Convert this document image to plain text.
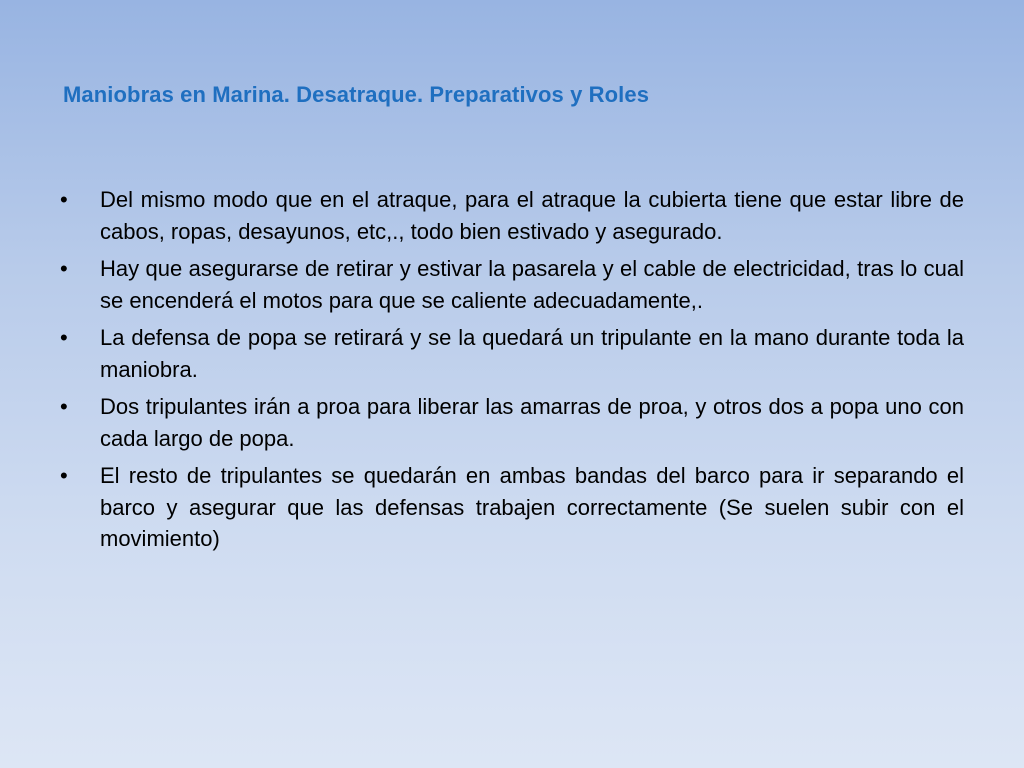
Maniobras en Marina. Desatraque. Preparativos y Roles
•	Del mismo modo que en el atraque, para el atraque la cubierta tiene que estar libre de cabos, ropas, desayunos, etc,., todo bien estivado y asegurado.
•	Hay que asegurarse de retirar y estivar la pasarela y el cable de electricidad, tras lo cual se encenderá el motos para que se caliente adecuadamente,.
•	La defensa de popa se retirará y se la quedará un tripulante en la mano durante toda la maniobra.
•	Dos tripulantes irán a proa para liberar las amarras de proa, y otros dos a popa uno con cada largo de popa.
•	El resto de tripulantes se quedarán en ambas bandas del barco para ir separando el barco y asegurar que las defensas trabajen correctamente (Se suelen subir con el movimiento)
